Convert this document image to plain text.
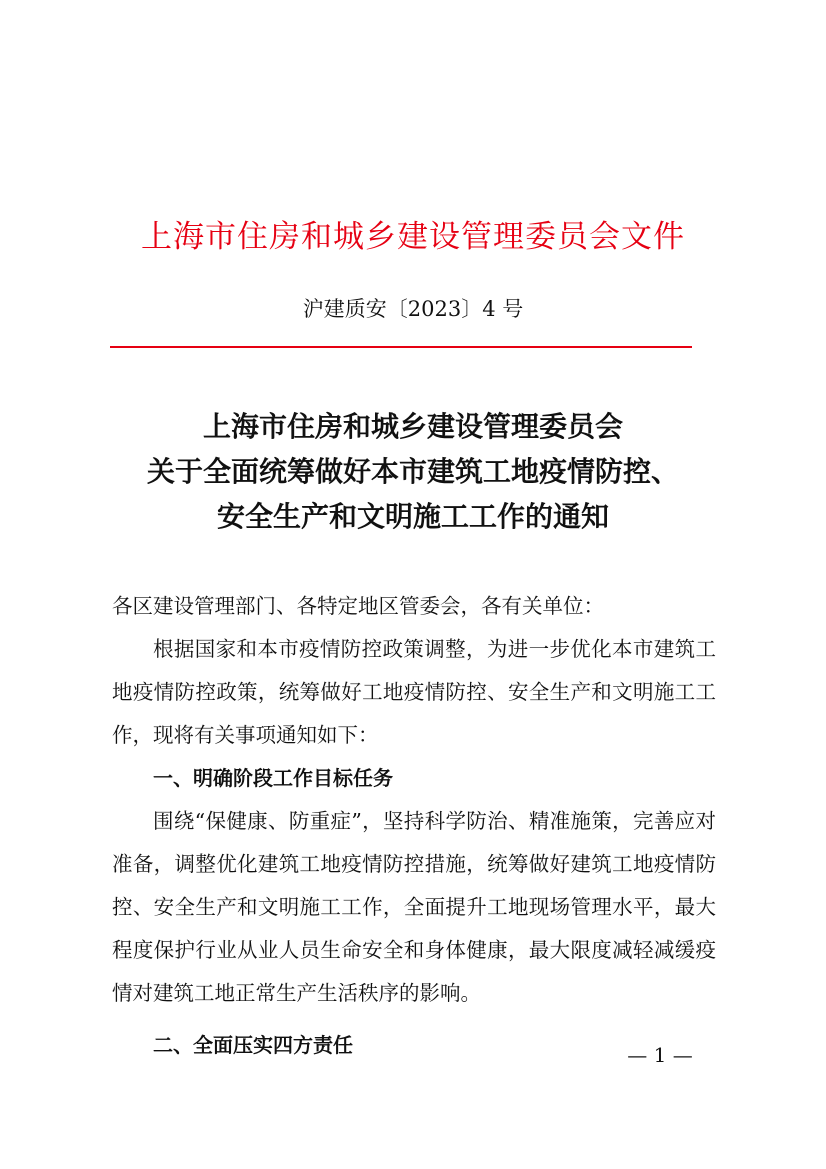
上海市住房和城乡建设管理委员会文件
沪建质安〔2023〕4 号
上海市住房和城乡建设管理委员会
关于全面统筹做好本市建筑工地疫情防控、
安全生产和文明施工工作的通知

各区建设管理部门、各特定地区管委会，各有关单位：

根据国家和本市疫情防控政策调整，为进一步优化本市建筑工地疫情防控政策，统筹做好工地疫情防控、安全生产和文明施工工作，现将有关事项通知如下：

一、明确阶段工作目标任务

围绕“保健康、防重症”，坚持科学防治、精准施策，完善应对准备，调整优化建筑工地疫情防控措施，统筹做好建筑工地疫情防控、安全生产和文明施工工作，全面提升工地现场管理水平，最大程度保护行业从业人员生命安全和身体健康，最大限度减轻减缓疫情对建筑工地正常生产生活秩序的影响。

二、全面压实四方责任	— 1 —
